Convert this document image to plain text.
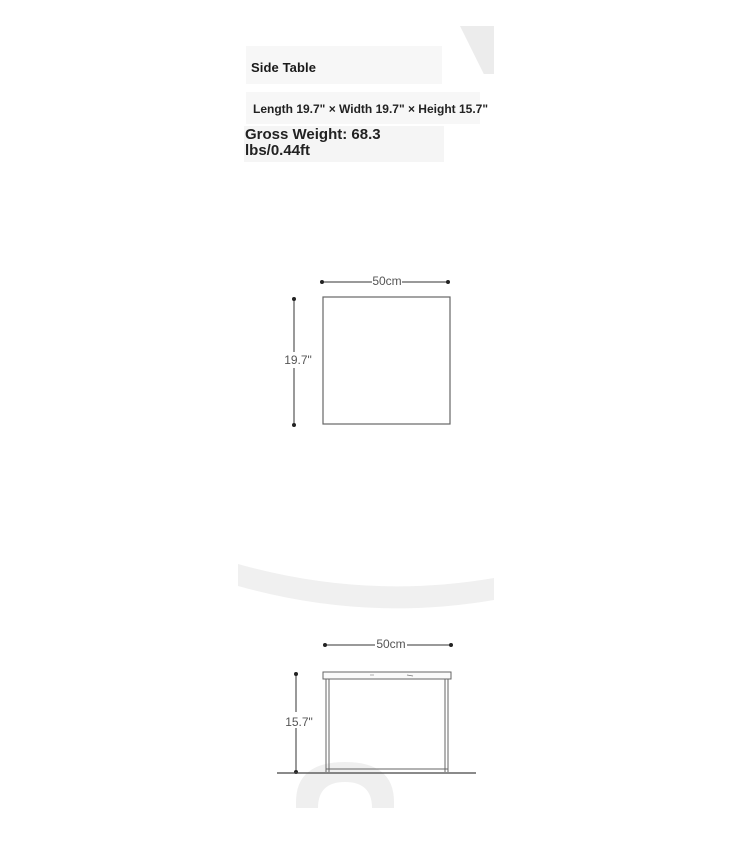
Side Table
Length 19.7" × Width 19.7" × Height 15.7"
Gross Weight: 68.3 lbs/0.44ft
50cm
19.7"
50cm
15.7"
